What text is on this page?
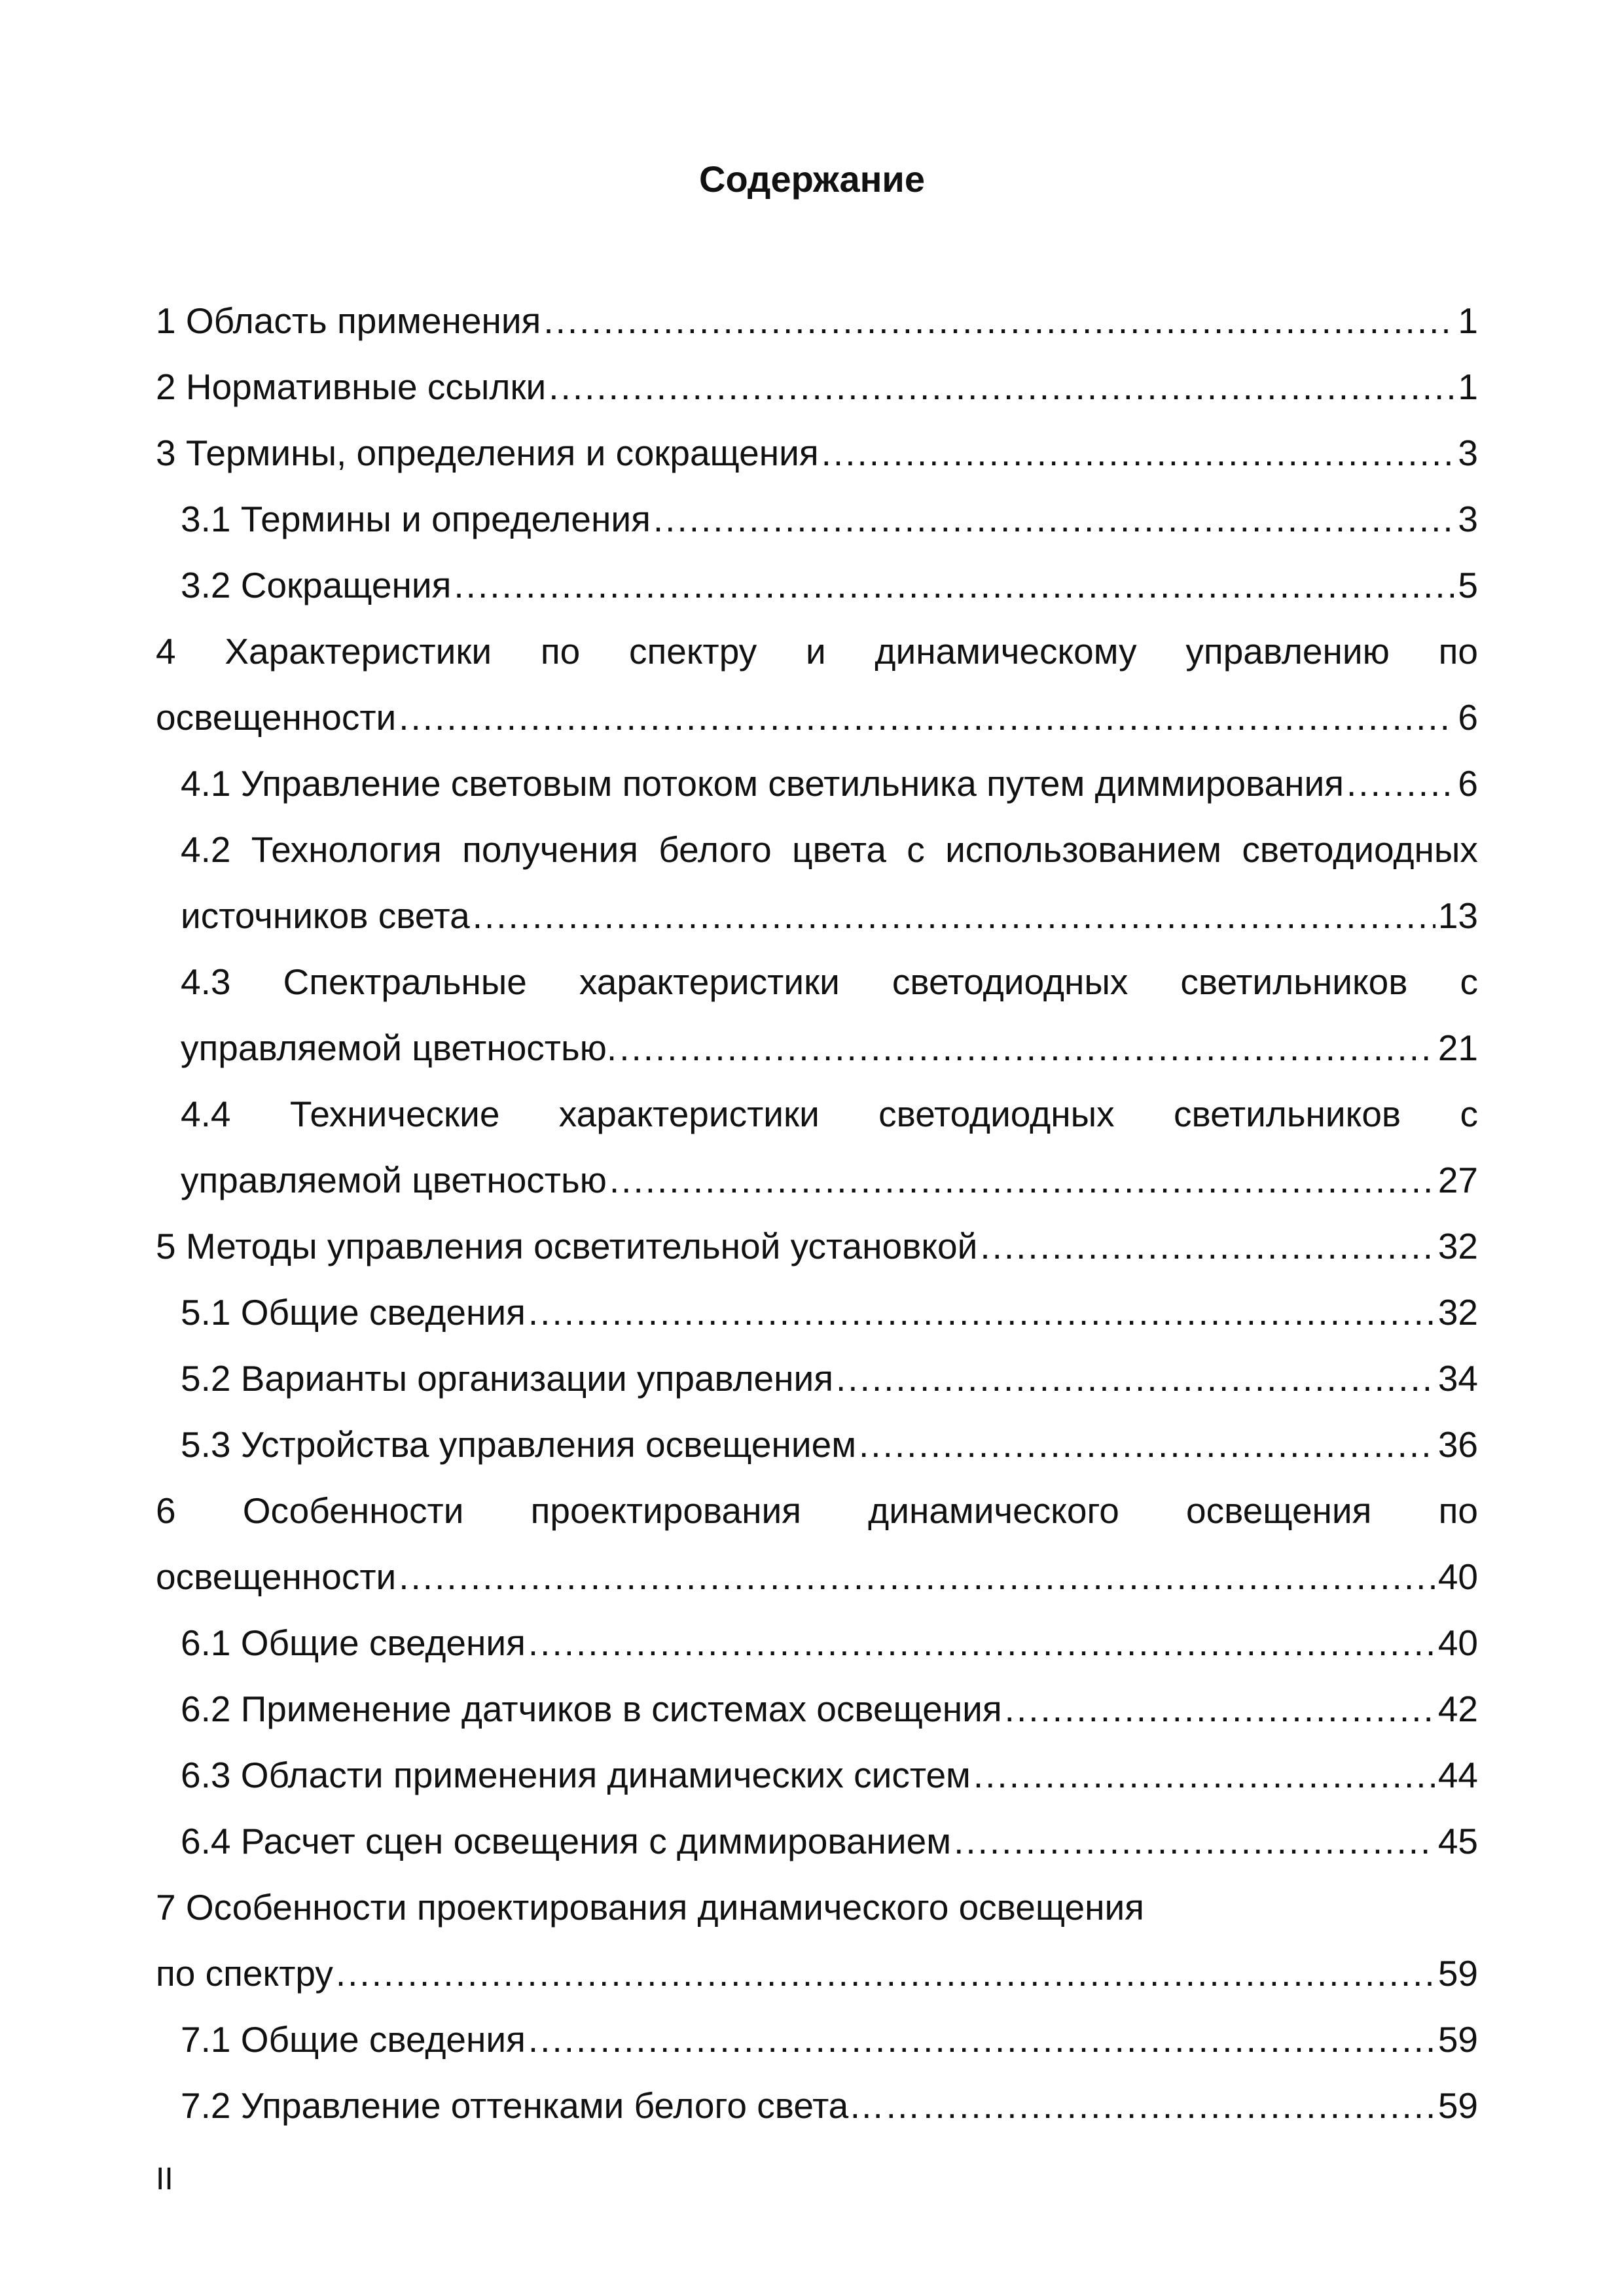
Содержание
1 Область применения .....	1
2 Нормативные ссылки .....	1
3 Термины, определения и сокращения .....	3
3.1 Термины и определения .....	3
3.2 Сокращения .....	5
4 Характеристики по спектру и динамическому управлению по
освещенности .....	6
4.1 Управление световым потоком светильника путем диммирования .....	6
4.2 Технология получения белого цвета с использованием светодиодных
источников света .....	13
4.3 Спектральные характеристики светодиодных светильников с
управляемой цветностью. .....	21
4.4 Технические характеристики светодиодных светильников с
управляемой цветностью .....	27
5 Методы управления осветительной установкой .....	32
5.1 Общие сведения .....	32
5.2 Варианты организации управления .....	34
5.3 Устройства управления освещением .....	36
6 Особенности проектирования динамического освещения по
освещенности .....	40
6.1 Общие сведения .....	40
6.2 Применение датчиков в системах освещения .....	42
6.3 Области применения динамических систем .....	44
6.4 Расчет сцен освещения с диммированием .....	45
7 Особенности проектирования динамического освещения
по спектру .....	59
7.1 Общие сведения .....	59
7.2 Управление оттенками белого света…… .....	59
II
